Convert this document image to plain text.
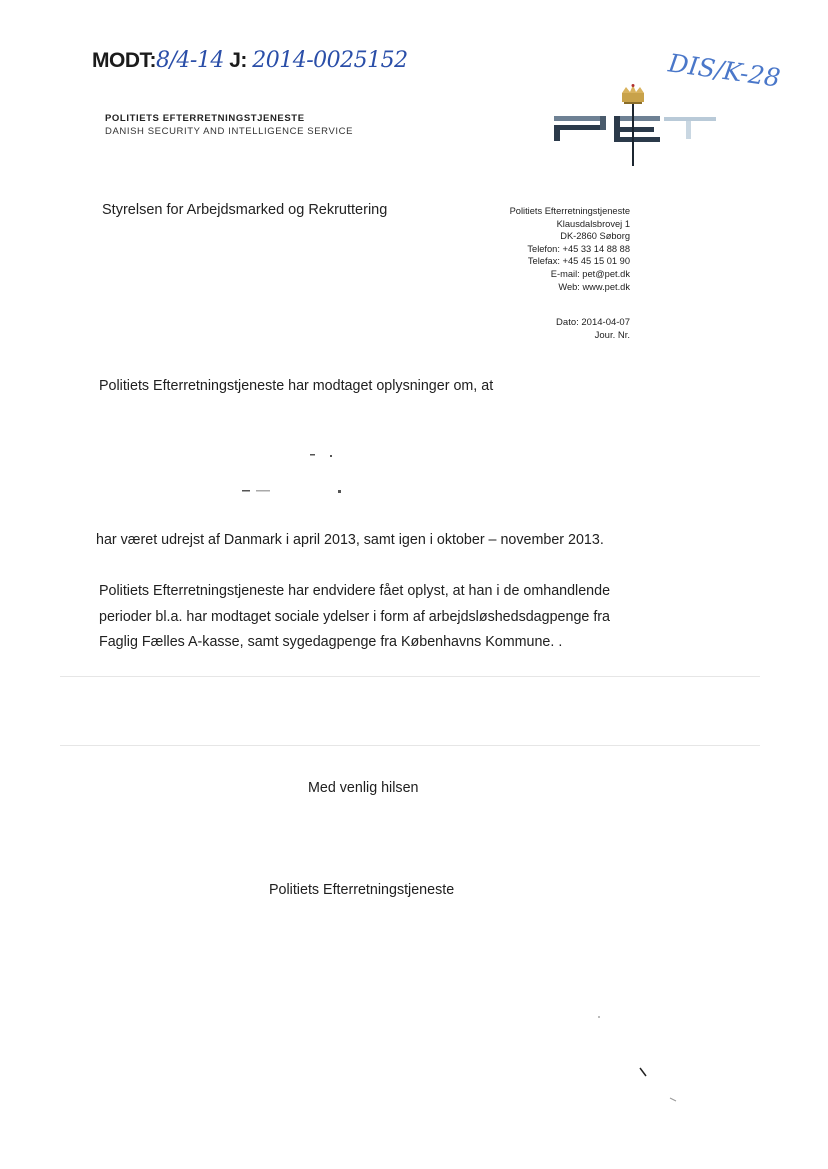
MODT:8/4-14 J: 2014-0025152	DIS/K-28
POLITIETS EFTERRETNINGSTJENESTE
DANISH SECURITY AND INTELLIGENCE SERVICE
Styrelsen for Arbejdsmarked og Rekruttering	Politiets Efterretningstjeneste
Klausdalsbrovej 1
DK-2860 Søborg
Telefon: +45 33 14 88 88
Telefax: +45 45 15 01 90
E-mail: pet@pet.dk
Web: www.pet.dk
Dato: 2014-04-07
Jour. Nr.
Politiets Efterretningstjeneste har modtaget oplysninger om, at
har været udrejst af Danmark i april 2013, samt igen i oktober – november 2013.
Politiets Efterretningstjeneste har endvidere fået oplyst, at han i de omhandlende perioder bl.a. har modtaget sociale ydelser i form af arbejdsløshedsdagpenge fra Faglig Fælles A-kasse, samt sygedagpenge fra Københavns Kommune. .
Med venlig hilsen
Politiets Efterretningstjeneste
